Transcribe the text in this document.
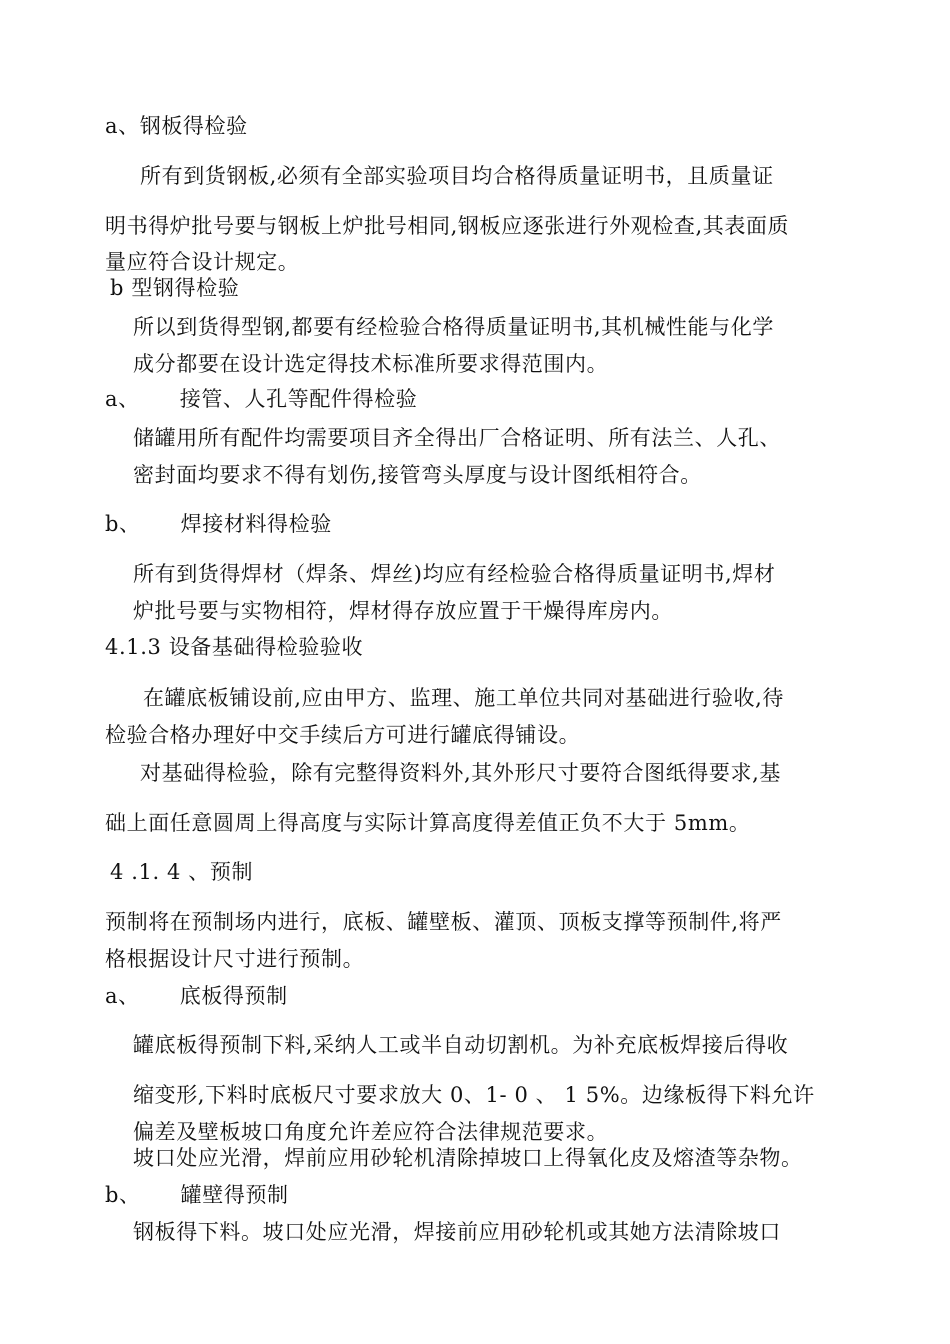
a、钢板得检验
所有到货钢板,必须有全部实验项目均合格得质量证明书，且质量证
明书得炉批号要与钢板上炉批号相同,钢板应逐张进行外观检查,其表面质
量应符合设计规定。
b 型钢得检验
所以到货得型钢,都要有经检验合格得质量证明书,其机械性能与化学
成分都要在设计选定得技术标准所要求得范围内。
a、 接管、人孔等配件得检验
储罐用所有配件均需要项目齐全得出厂合格证明、所有法兰、人孔、
密封面均要求不得有划伤,接管弯头厚度与设计图纸相符合。
b、 焊接材料得检验
所有到货得焊材（焊条、焊丝)均应有经检验合格得质量证明书,焊材
炉批号要与实物相符，焊材得存放应置于干燥得库房内。
4.1.3 设备基础得检验验收
在罐底板铺设前,应由甲方、监理、施工单位共同对基础进行验收,待
检验合格办理好中交手续后方可进行罐底得铺设。
对基础得检验，除有完整得资料外,其外形尺寸要符合图纸得要求,基
础上面任意圆周上得高度与实际计算高度得差值正负不大于 5mm。
4 .1. 4 、预制
预制将在预制场内进行，底板、罐壁板、灌顶、顶板支撑等预制件,将严
格根据设计尺寸进行预制。
a、 底板得预制
罐底板得预制下料,采纳人工或半自动切割机。为补充底板焊接后得收
缩变形,下料时底板尺寸要求放大 0、1- 0 、 1 5%。边缘板得下料允许
偏差及壁板坡口角度允许差应符合法律规范要求。
坡口处应光滑，焊前应用砂轮机清除掉坡口上得氧化皮及熔渣等杂物。
b、 罐壁得预制
钢板得下料。坡口处应光滑，焊接前应用砂轮机或其她方法清除坡口
